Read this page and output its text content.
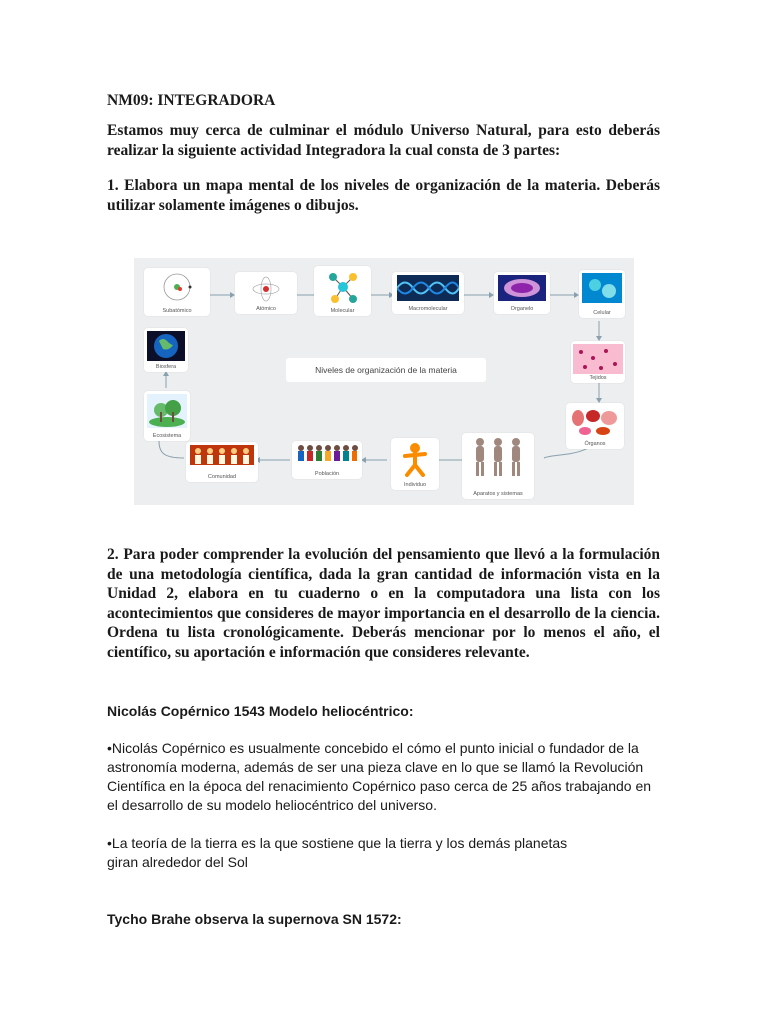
NM09: INTEGRADORA
Estamos muy cerca de culminar el módulo Universo Natural, para esto deberás realizar la siguiente actividad Integradora la cual consta de 3 partes:
1. Elabora un mapa mental de los niveles de organización de la materia. Deberás utilizar solamente imágenes o dibujos.
Niveles de organización de la materia
Subatómico	Atómico	Molecular	Macromolecular	Organelo
Celular
Tejidos
Órganos
Aparatos y sistemas
Individuo
Población
Comunidad
Ecosistema
Biosfera
2. Para poder comprender la evolución del pensamiento que llevó a la formulación de una metodología científica, dada la gran cantidad de información vista en la Unidad 2, elabora en tu cuaderno o en la computadora una lista con los acontecimientos que consideres de mayor importancia en el desarrollo de la ciencia. Ordena tu lista cronológicamente. Deberás mencionar por lo menos el año, el científico, su aportación e información que consideres relevante.
Nicolás Copérnico 1543 Modelo heliocéntrico:
•Nicolás Copérnico es usualmente concebido el cómo el punto inicial o fundador de la astronomía moderna, además de ser una pieza clave en lo que se llamó la Revolución Científica en la época del renacimiento Copérnico paso cerca de 25 años trabajando en el desarrollo de su modelo heliocéntrico del universo.
•La teoría de la tierra es la que sostiene que la tierra y los demás planetas giran alrededor del Sol
Tycho Brahe observa la supernova SN 1572:
